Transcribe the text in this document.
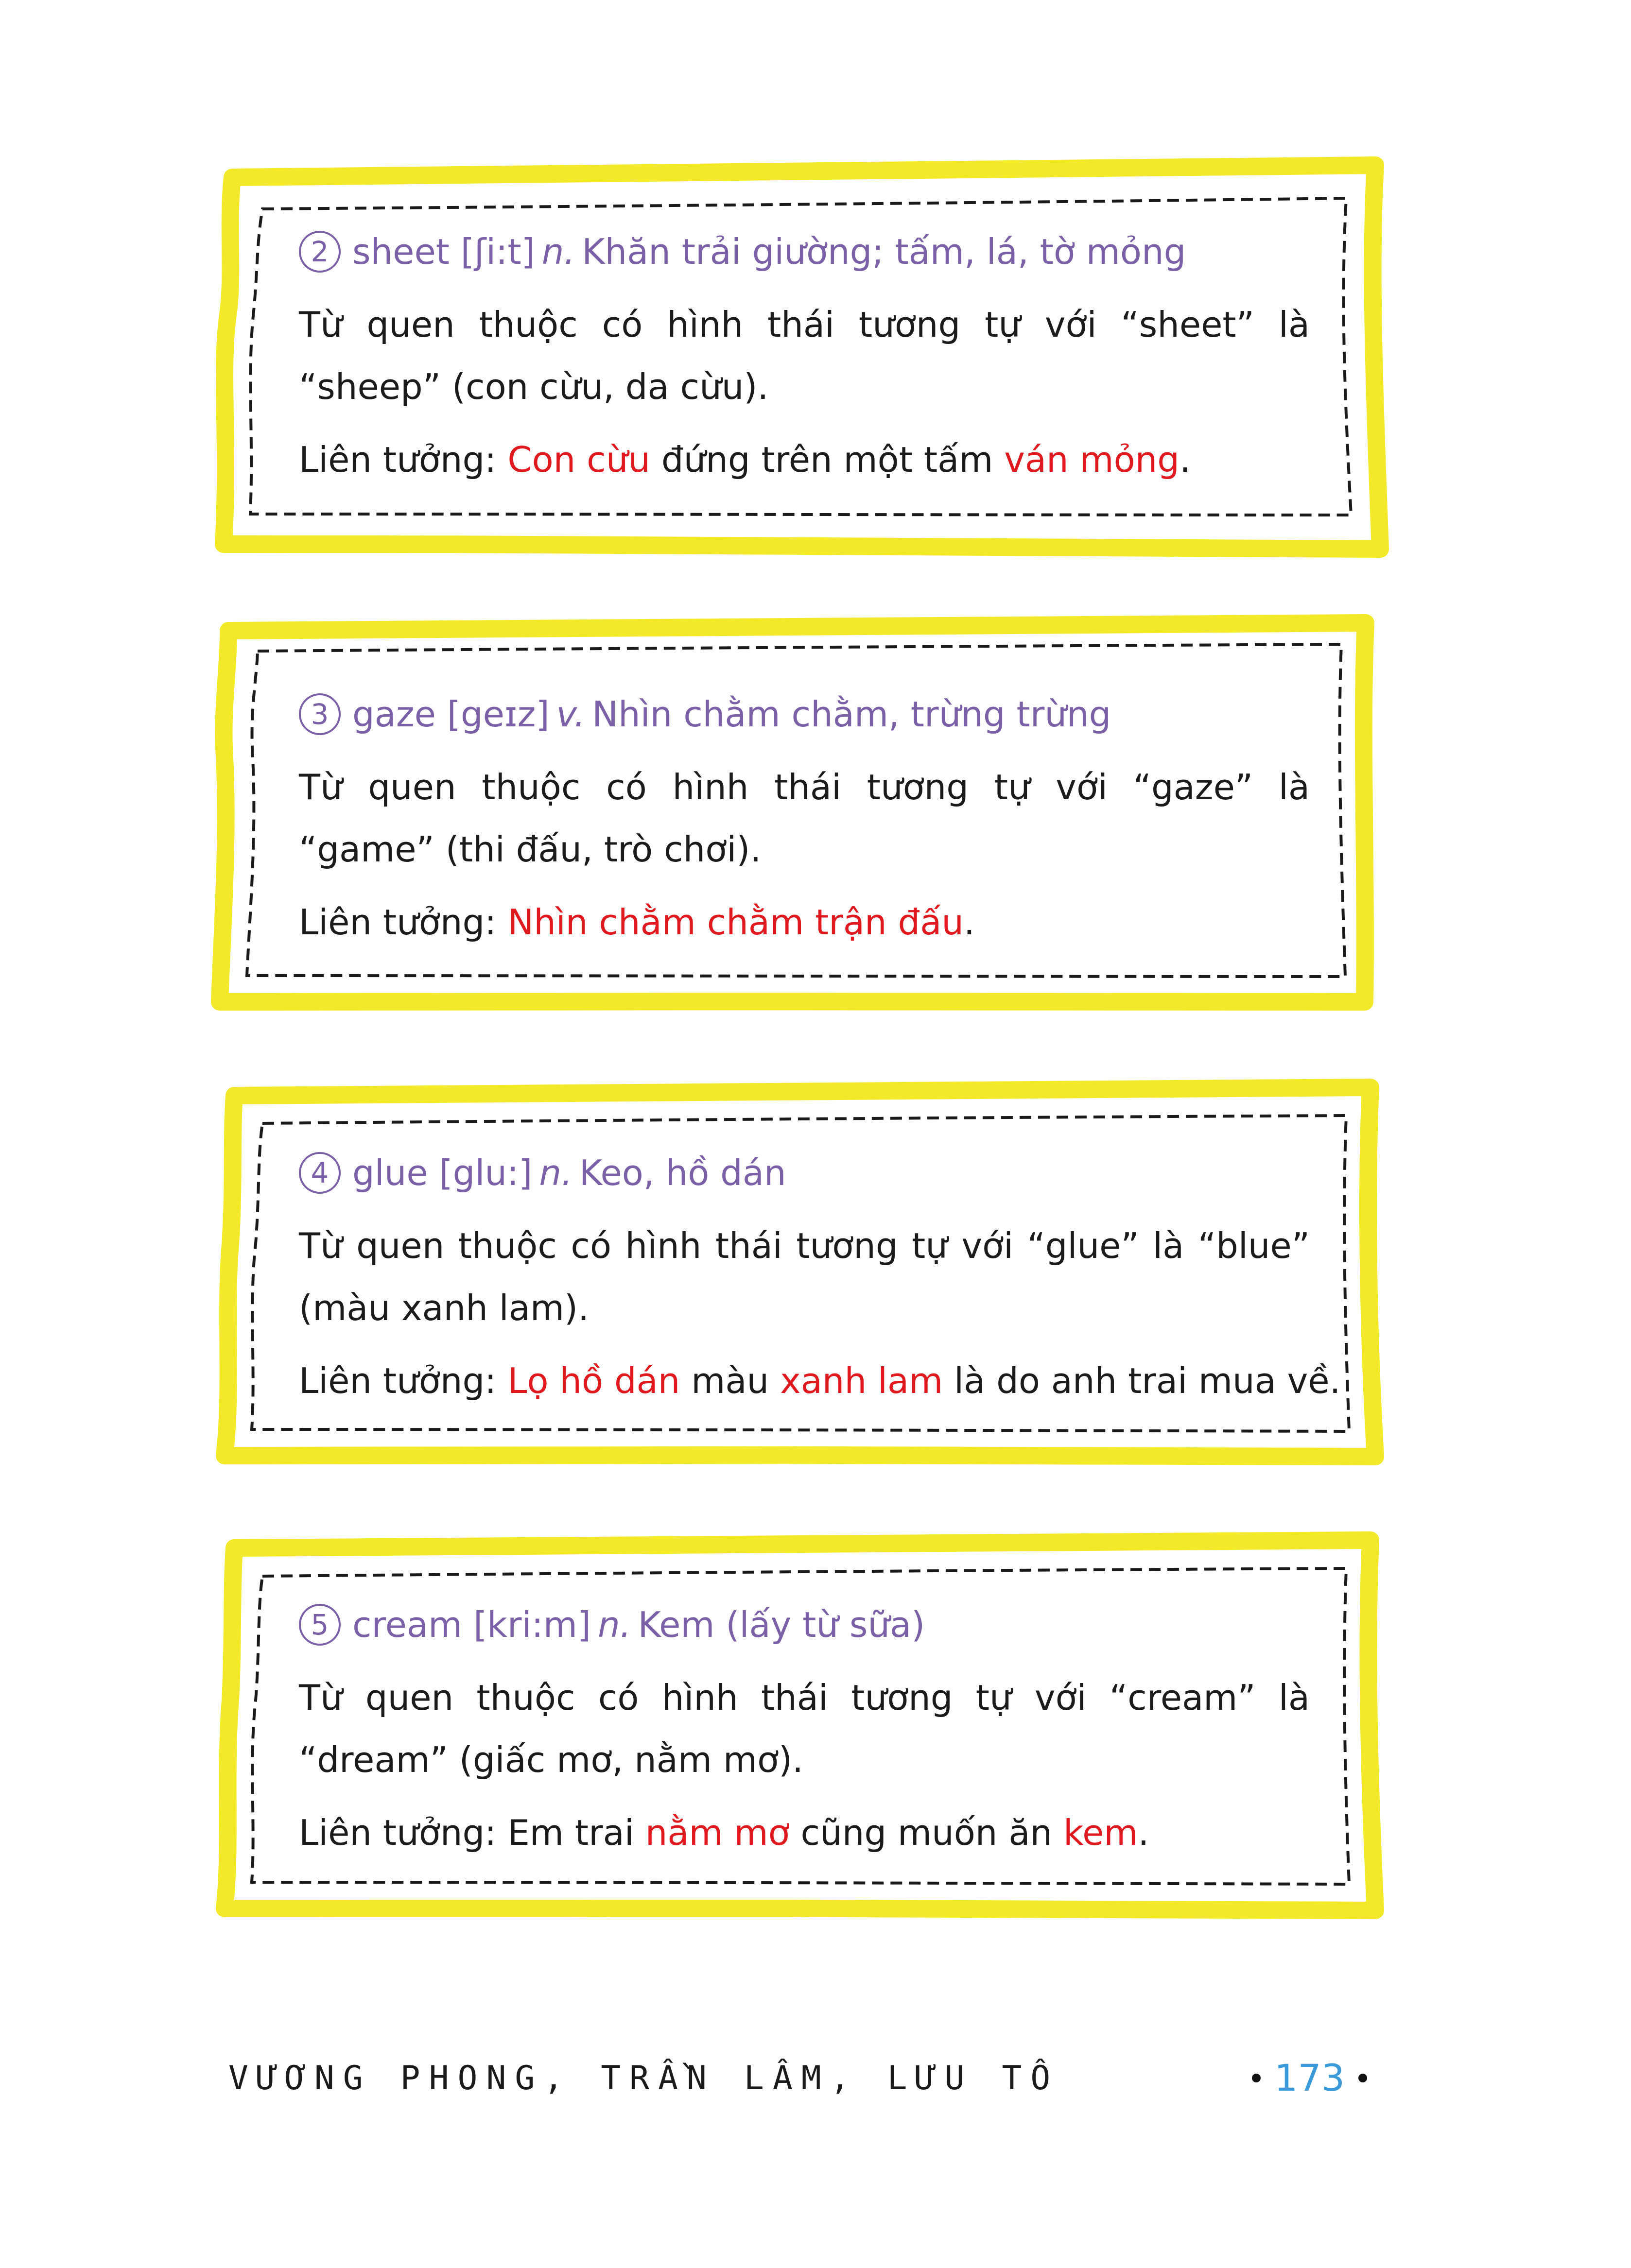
2 sheet
[ʃi:t] n. Khăn trải giường; tấm, lá, tờ mỏng
Từ quen thuộc có hình thái tương tự với “sheet” là “sheep” (con cừu, da cừu).
Liên tưởng: Con cừu đứng trên một tấm ván mỏng.
3 gaze
[geɪz] v. Nhìn chằm chằm, trừng trừng
Từ quen thuộc có hình thái tương tự với “gaze” là “game” (thi đấu, trò chơi).
Liên tưởng: Nhìn chằm chằm trận đấu.
4 glue
[glu:] n. Keo, hồ dán
Từ quen thuộc có hình thái tương tự với “glue” là “blue” (màu xanh lam).
Liên tưởng: Lọ hồ dán màu xanh lam là do anh trai mua về.
5 cream
[kri:m] n. Kem (lấy từ sữa)
Từ quen thuộc có hình thái tương tự với “cream” là “dream” (giấc mơ, nằm mơ).
Liên tưởng: Em trai nằm mơ cũng muốn ăn kem.
VƯƠNG PHONG, TRẦN LÂM, LƯU TÔ	173
